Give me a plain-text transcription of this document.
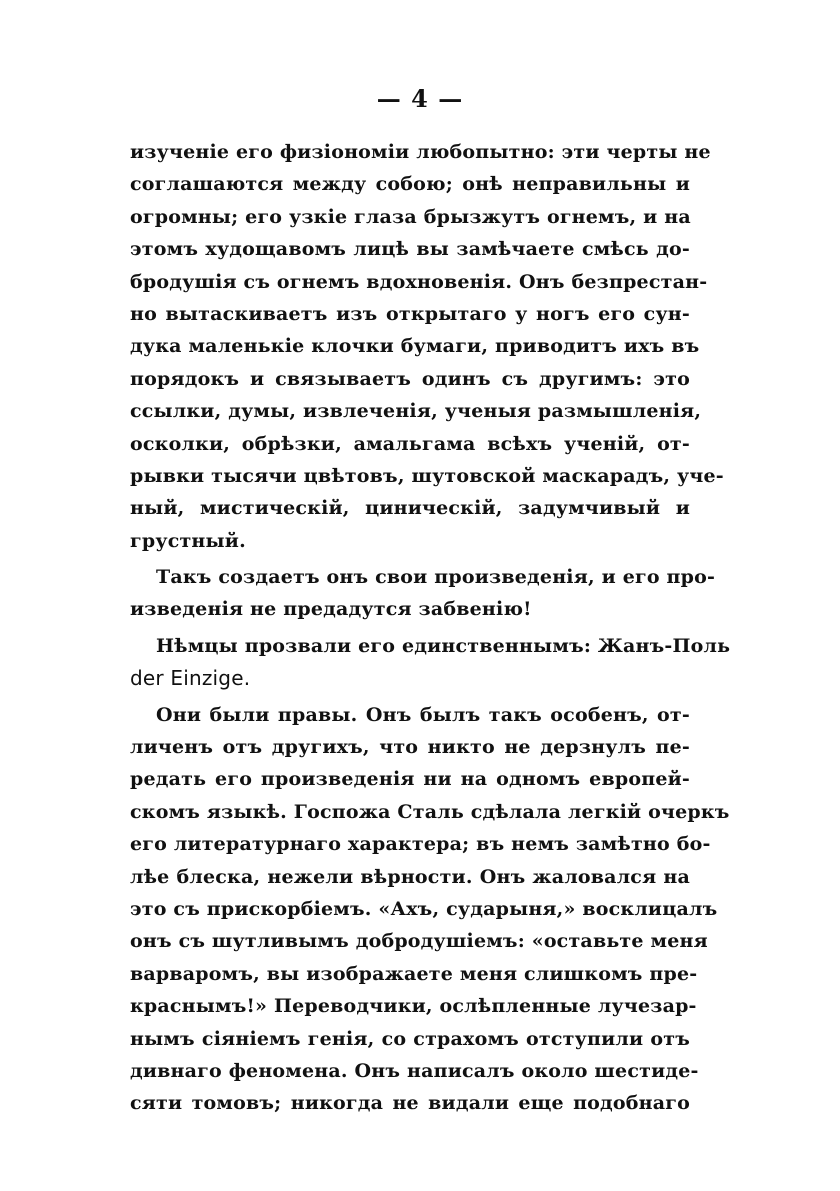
— 4 —
изученіе его физіономіи любопытно: эти черты не
соглашаются между собою; онѣ неправильны и
огромны; его узкіе глаза брызжутъ огнемъ, и на
этомъ худощавомъ лицѣ вы замѣчаете смѣсь до-
бродушія съ огнемъ вдохновенія. Онъ безпрестан-
но вытаскиваетъ изъ открытаго у ногъ его сун-
дука маленькіе клочки бумаги, приводитъ ихъ въ
порядокъ и связываетъ одинъ съ другимъ: это
ссылки, думы, извлеченія, ученыя размышленія,
осколки, обрѣзки, амальгама всѣхъ ученій, от-
рывки тысячи цвѣтовъ, шутовской маскарадъ, уче-
ный, мистическій, циническій, задумчивый и
грустный.
Такъ создаетъ онъ свои произведенія, и его про-
изведенія не предадутся забвенію!
Нѣмцы прозвали его единственнымъ: Жанъ-Поль
der Einzige.
Они были правы. Онъ былъ такъ особенъ, от-
личенъ отъ другихъ, что никто не дерзнулъ пе-
редать его произведенія ни на одномъ европей-
скомъ языкѣ. Госпожа Сталь сдѣлала легкій очеркъ
его литературнаго характера; въ немъ замѣтно бо-
лѣе блеска, нежели вѣрности. Онъ жаловался на
это съ прискорбіемъ. «Ахъ, сударыня,» восклицалъ
онъ съ шутливымъ добродушіемъ: «оставьте меня
варваромъ, вы изображаете меня слишкомъ пре-
краснымъ!» Переводчики, ослѣпленные лучезар-
нымъ сіяніемъ генія, со страхомъ отступили отъ
дивнаго феномена. Онъ написалъ около шестиде-
сяти томовъ; никогда не видали еще подобнаго
